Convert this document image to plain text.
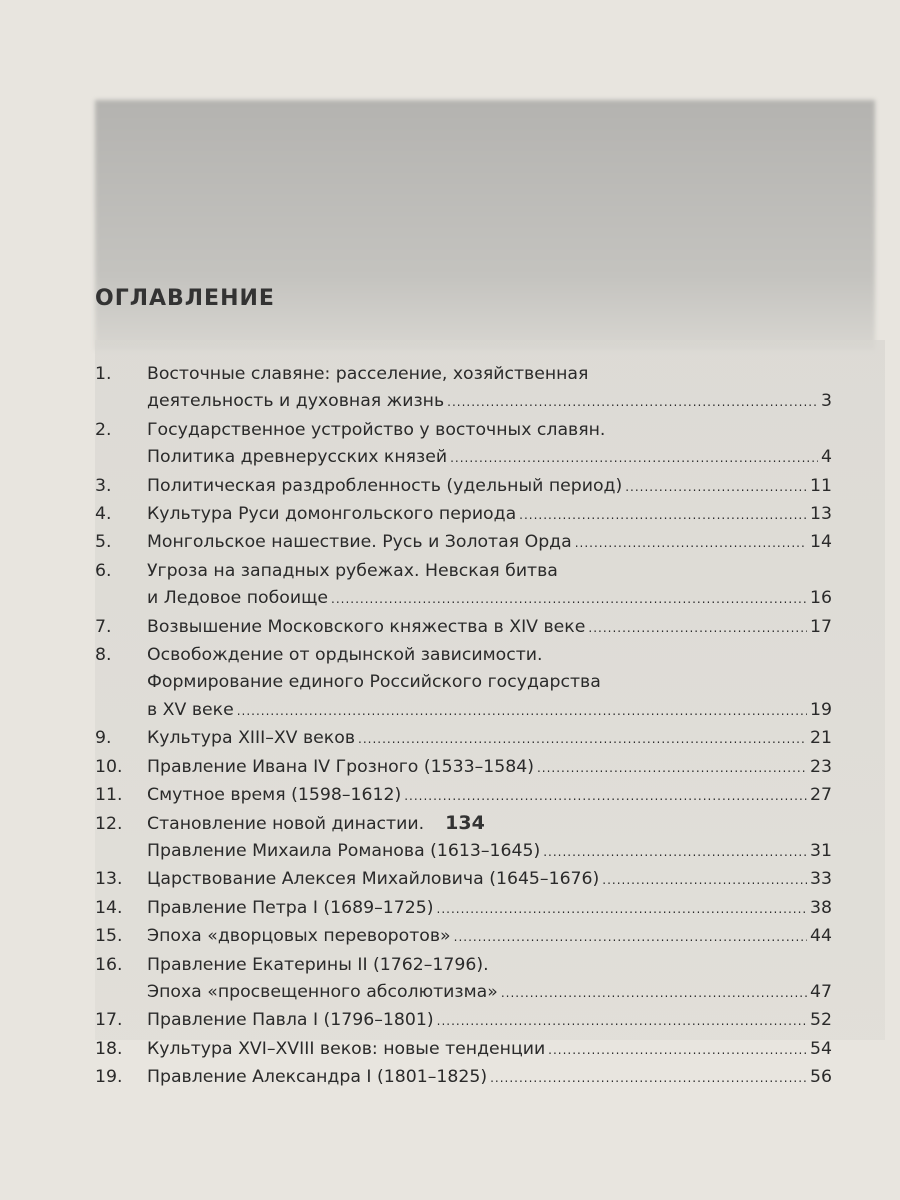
ОГЛАВЛЕНИЕ
1.	Восточные славяне: расселение, хозяйственная
деятельность и духовная жизнь .....	3
2.	Государственное устройство у восточных славян.
Политика древнерусских князей .....	4
3.	Политическая раздробленность (удельный период) .....	11
4.	Культура Руси домонгольского периода .....	13
5.	Монгольское нашествие. Русь и Золотая Орда .....	14
6.	Угроза на западных рубежах. Невская битва
и Ледовое побоище .....	16
7.	Возвышение Московского княжества в XIV веке .....	17
8.	Освобождение от ордынской зависимости.
Формирование единого Российского государства
в XV веке .....	19
9.	Культура XIII–XV веков .....	21
10.	Правление Ивана IV Грозного (1533–1584) .....	23
11.	Смутное время (1598–1612) .....	27
12.	Становление новой династии.
Правление Михаила Романова (1613–1645) .....	31
13.	Царствование Алексея Михайловича (1645–1676) .....	33
14.	Правление Петра I (1689–1725) .....	38
15.	Эпоха «дворцовых переворотов» .....	44
16.	Правление Екатерины II (1762–1796).
Эпоха «просвещенного абсолютизма» .....	47
17.	Правление Павла I (1796–1801) .....	52
18.	Культура XVI–XVIII веков: новые тенденции .....	54
19.	Правление Александра I (1801–1825) .....	56
134
